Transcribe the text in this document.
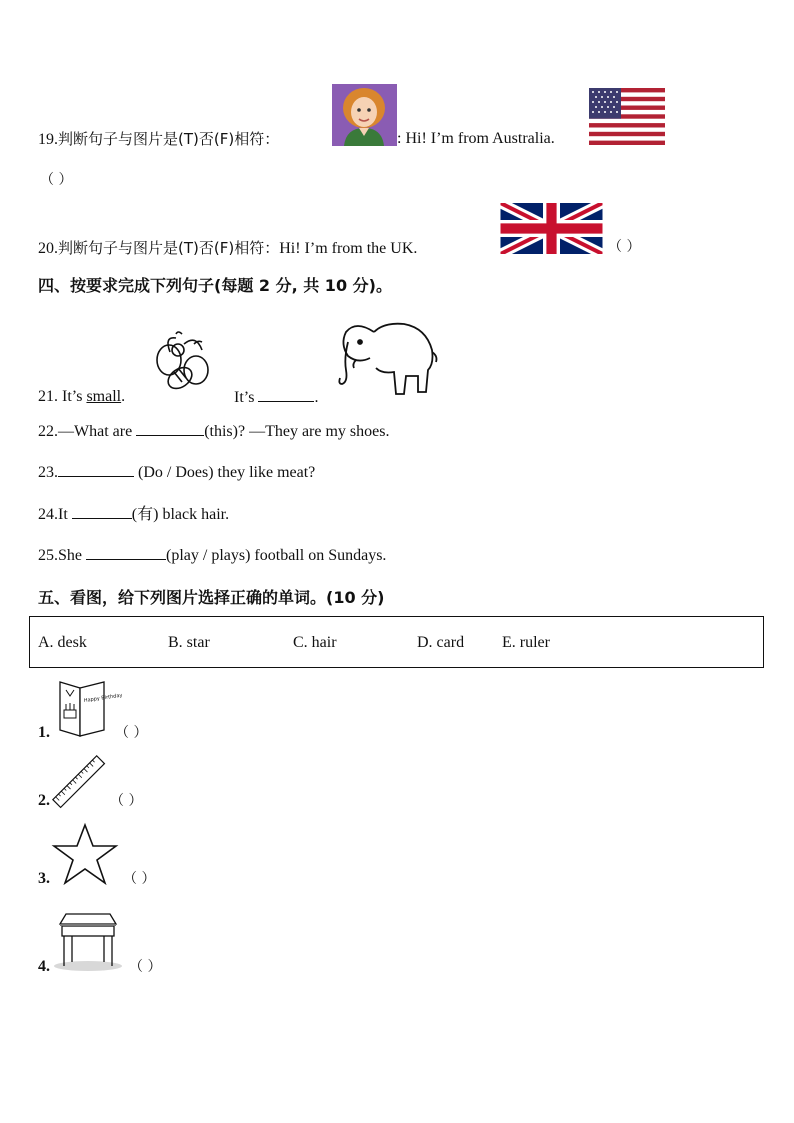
19.判断句子与图片是(T)否(F)相符：	: Hi! I’m from Australia.
（ ）
20.判断句子与图片是(T)否(F)相符：Hi! I’m from the UK.	（ ）
四、按要求完成下列句子(每题 2 分, 共 10 分)。
21. It’s small.	It’s	.
22.—What are	(this)? —They are my shoes.
23.	(Do / Does) they like meat?
24.It	(有) black hair.
25.She	(play / plays) football on Sundays.
五、看图，给下列图片选择正确的单词。(10 分)
A. desk	B. star	C. hair	D. card E. ruler
Happy Birthday
1.	（ ）
2.	（ ）
3.	（ ）
4.	（ ）
